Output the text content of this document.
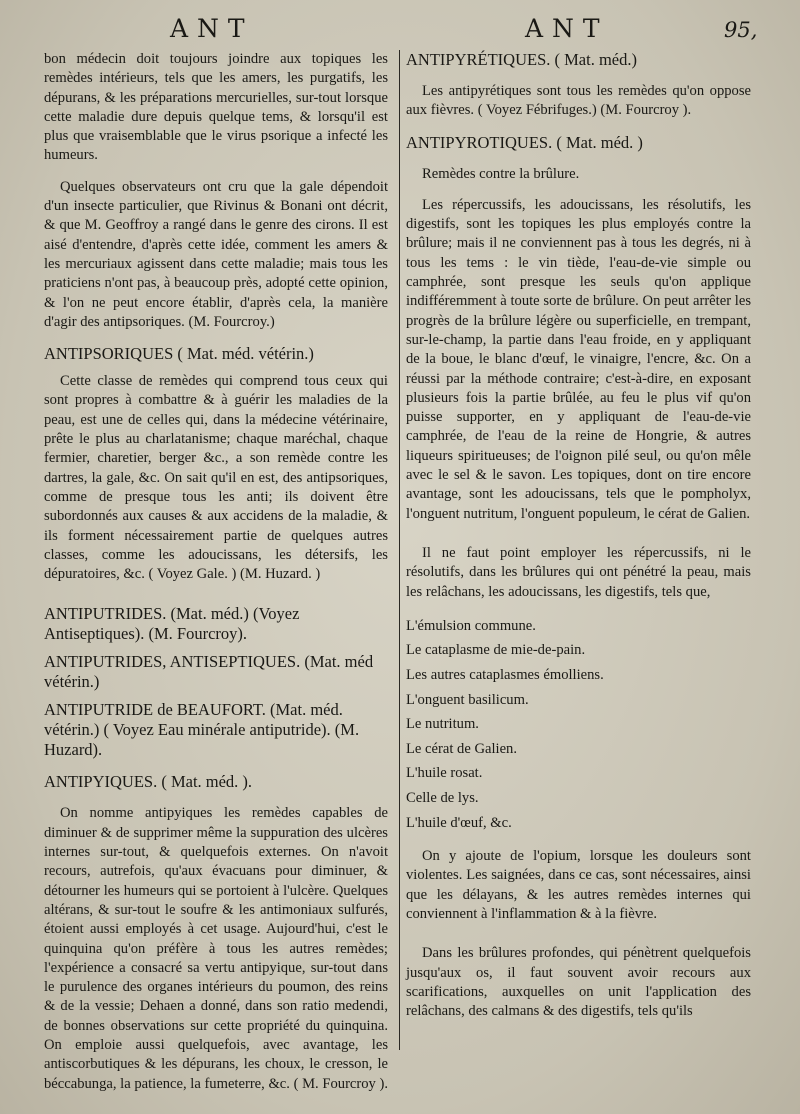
ANT	ANT	95,

bon médecin doit toujours joindre aux topiques les remèdes intérieurs, tels que les amers, les purgatifs, les dépurans, & les préparations mercurielles, sur-tout lorsque cette maladie dure depuis quelque tems, & lorsqu'il est plus que vraisemblable que le virus psorique a infecté les humeurs.

Quelques observateurs ont cru que la gale dépendoit d'un insecte particulier, que Rivinus & Bonani ont décrit, & que M. Geoffroy a rangé dans le genre des cirons. Il est aisé d'entendre, d'après cette idée, comment les amers & les mercuriaux agissent dans cette maladie; mais tous les praticiens n'ont pas, à beaucoup près, adopté cette opinion, & l'on ne peut encore établir, d'après cela, la manière d'agir des antipsoriques. (M. Fourcroy.)

ANTIPSORIQUES ( Mat. méd. vétérin.)

Cette classe de remèdes qui comprend tous ceux qui sont propres à combattre & à guérir les maladies de la peau, est une de celles qui, dans la médecine vétérinaire, prête le plus au charlatanisme; chaque maréchal, chaque fermier, charetier, berger &c., a son remède contre les dartres, la gale, &c. On sait qu'il en est, des antipsoriques, comme de presque tous les anti; ils doivent être subordonnés aux causes & aux accidens de la maladie, & ils forment nécessairement partie de quelques autres classes, comme les adoucissans, les détersifs, les dépuratoires, &c. ( Voyez Gale. ) (M. Huzard. )

ANTIPUTRIDES. (Mat. méd.) (Voyez Antiseptiques). (M. Fourcroy).

ANTIPUTRIDES, ANTISEPTIQUES. (Mat. méd vétérin.)

ANTIPUTRIDE de BEAUFORT. (Mat. méd. vétérin.) ( Voyez Eau minérale antiputride). (M. Huzard).

ANTIPYIQUES. ( Mat. méd. ).

On nomme antipyiques les remèdes capables de diminuer & de supprimer même la suppuration des ulcères internes sur-tout, & quelquefois externes. On n'avoit recours, autrefois, qu'aux évacuans pour diminuer, & détourner les humeurs qui se portoient à l'ulcère. Quelques altérans, & sur-tout le soufre & les antimoniaux sulfurés, étoient aussi employés à cet usage. Aujourd'hui, c'est le quinquina qu'on préfère à tous les autres remèdes; l'expérience a consacré sa vertu antipyique, sur-tout dans le purulence des organes intérieurs du poumon, des reins & de la vessie; Dehaen a donné, dans son ratio medendi, de bonnes observations sur cette propriété du quinquina. On emploie aussi quelquefois, avec avantage, les antiscorbutiques & les dépurans, les choux, le cresson, le béccabunga, la patience, la fumeterre, &c. ( M. Fourcroy ).

ANTIPYRÉTIQUES. ( Mat. méd.)

Les antipyrétiques sont tous les remèdes qu'on oppose aux fièvres. ( Voyez Fébrifuges.) (M. Fourcroy ).

ANTIPYROTIQUES. ( Mat. méd. )

Remèdes contre la brûlure.

Les répercussifs, les adoucissans, les résolutifs, les digestifs, sont les topiques les plus employés contre la brûlure; mais il ne conviennent pas à tous les degrés, ni à tous les tems : le vin tiède, l'eau-de-vie simple ou camphrée, sont presque les seuls qu'on applique indifféremment à toute sorte de brûlure. On peut arrêter les progrès de la brûlure légère ou superficielle, en trempant, sur-le-champ, la partie dans l'eau froide, en y appliquant de la boue, le blanc d'œuf, le vinaigre, l'encre, &c. On a réussi par la méthode contraire; c'est-à-dire, en exposant plusieurs fois la partie brûlée, au feu le plus vif qu'on puisse supporter, en y appliquant de l'eau-de-vie camphrée, de l'eau de la reine de Hongrie, & autres liqueurs spiritueuses; de l'oignon pilé seul, ou qu'on mêle avec le sel & le savon. Les topiques, dont on tire encore avantage, sont les adoucissans, tels que le pompholyx, l'onguent nutritum, l'onguent populeum, le cérat de Galien.

Il ne faut point employer les répercussifs, ni le résolutifs, dans les brûlures qui ont pénétré la peau, mais les relâchans, les adoucissans, les digestifs, tels que,

L'émulsion commune.

Le cataplasme de mie-de-pain.

Les autres cataplasmes émolliens.

L'onguent basilicum.

Le nutritum.

Le cérat de Galien.

L'huile rosat.

Celle de lys.

L'huile d'œuf, &c.

On y ajoute de l'opium, lorsque les douleurs sont violentes. Les saignées, dans ce cas, sont nécessaires, ainsi que les délayans, & les autres remèdes internes qui conviennent à l'inflammation & à la fièvre.

Dans les brûlures profondes, qui pénètrent quelquefois jusqu'aux os, il faut souvent avoir recours aux scarifications, auxquelles on unit l'application des relâchans, des calmans & des digestifs, tels qu'ils
